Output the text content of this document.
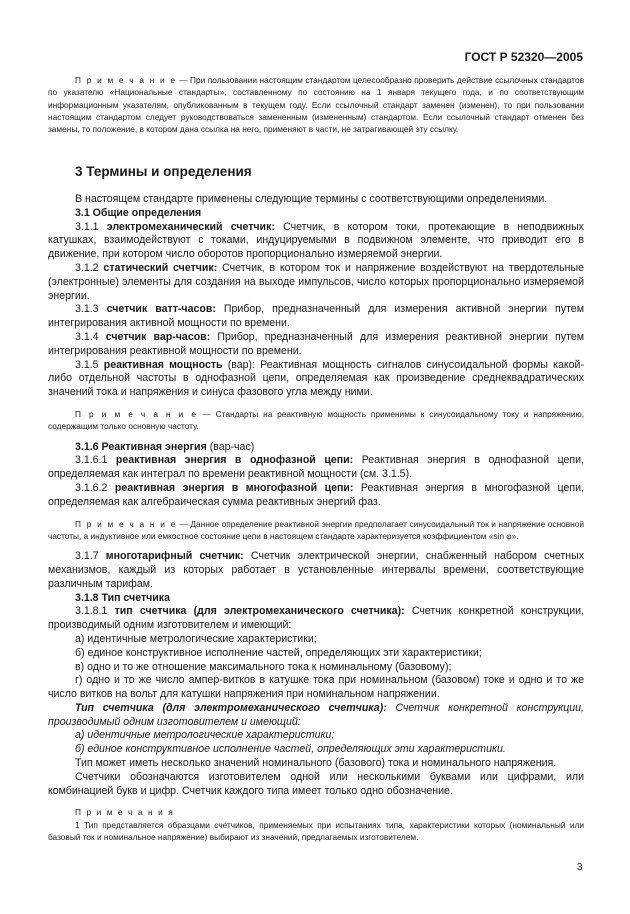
ГОСТ Р 52320—2005
П р и м е ч а н и е — При пользовании настоящим стандартом целесообразно проверить действие ссылочных стандартов по указателю «Национальные стандарты», составленному по состоянию на 1 января текущего года, и по соответствующим информационным указателям, опубликованным в текущем году. Если ссылочный стандарт заменен (изменен), то при пользовании настоящим стандартом следует руководствоваться замененным (измененным) стандартом. Если ссылочный стандарт отменен без замены, то положение, в котором дана ссылка на него, применяют в части, не затрагивающей эту ссылку.
3 Термины и определения

В настоящем стандарте применены следующие термины с соответствующими определениями.

3.1 Общие определения

3.1.1 электромеханический счетчик: Счетчик, в котором токи, протекающие в неподвижных катушках, взаимодействуют с токами, индуцируемыми в подвижном элементе, что приводит его в движение, при котором число оборотов пропорционально измеряемой энергии.

3.1.2 статический счетчик: Счетчик, в котором ток и напряжение воздействуют на твердотельные (электронные) элементы для создания на выходе импульсов, число которых пропорционально измеряемой энергии.

3.1.3 счетчик ватт-часов: Прибор, предназначенный для измерения активной энергии путем интегрирования активной мощности по времени.

3.1.4 счетчик вар-часов: Прибор, предназначенный для измерения реактивной энергии путем интегрирования реактивной мощности по времени.

3.1.5 реактивная мощность (вар): Реактивная мощность сигналов синусоидальной формы какой-либо отдельной частоты в однофазной цепи, определяемая как произведение среднеквадратических значений тока и напряжения и синуса фазового угла между ними.

П р и м е ч а н и е — Стандарты на реактивную мощность применимы к синусоидальному току и напряжению, содержащим только основную частоту.

3.1.6 Реактивная энергия (вар-час)

3.1.6.1 реактивная энергия в однофазной цепи: Реактивная энергия в однофазной цепи, определяемая как интеграл по времени реактивной мощности (см. 3.1.5).

3.1.6.2 реактивная энергия в многофазной цепи: Реактивная энергия в многофазной цепи, определяемая как алгебраическая сумма реактивных энергий фаз.

П р и м е ч а н и е — Данное определение реактивной энергии предполагает синусоидальный ток и напряжение основной частоты, а индуктивное или емкостное состояние цепи в настоящем стандарте характеризуется коэффициентом «sin φ».

3.1.7 многотарифный счетчик: Счетчик электрической энергии, снабженный набором счетных механизмов, каждый из которых работает в установленные интервалы времени, соответствующие различным тарифам.

3.1.8 Тип счетчика

3.1.8.1 тип счетчика (для электромеханического счетчика): Счетчик конкретной конструкции, производимый одним изготовителем и имеющий:

а) идентичные метрологические характеристики;

б) единое конструктивное исполнение частей, определяющих эти характеристики;

в) одно и то же отношение максимального тока к номинальному (базовому);

г) одно и то же число ампер-витков в катушке тока при номинальном (базовом) токе и одно и то же число витков на вольт для катушки напряжения при номинальном напряжении.

Тип счетчика (для электромеханического счетчика): Счетчик конкретной конструкции, производимый одним изготовителем и имеющий:

а) идентичные метрологические характеристики;

б) единое конструктивное исполнение частей, определяющих эти характеристики.

Тип может иметь несколько значений номинального (базового) тока и номинального напряжения.

Счетчики обозначаются изготовителем одной или несколькими буквами или цифрами, или комбинацией букв и цифр. Счетчик каждого типа имеет только одно обозначение.

П р и м е ч а н и я

1 Тип представляется образцами счетчиков, применяемых при испытаниях типа, характеристики которых (номинальный или базовый ток и номинальное напряжение) выбирают из значений, предлагаемых изготовителем.

3
